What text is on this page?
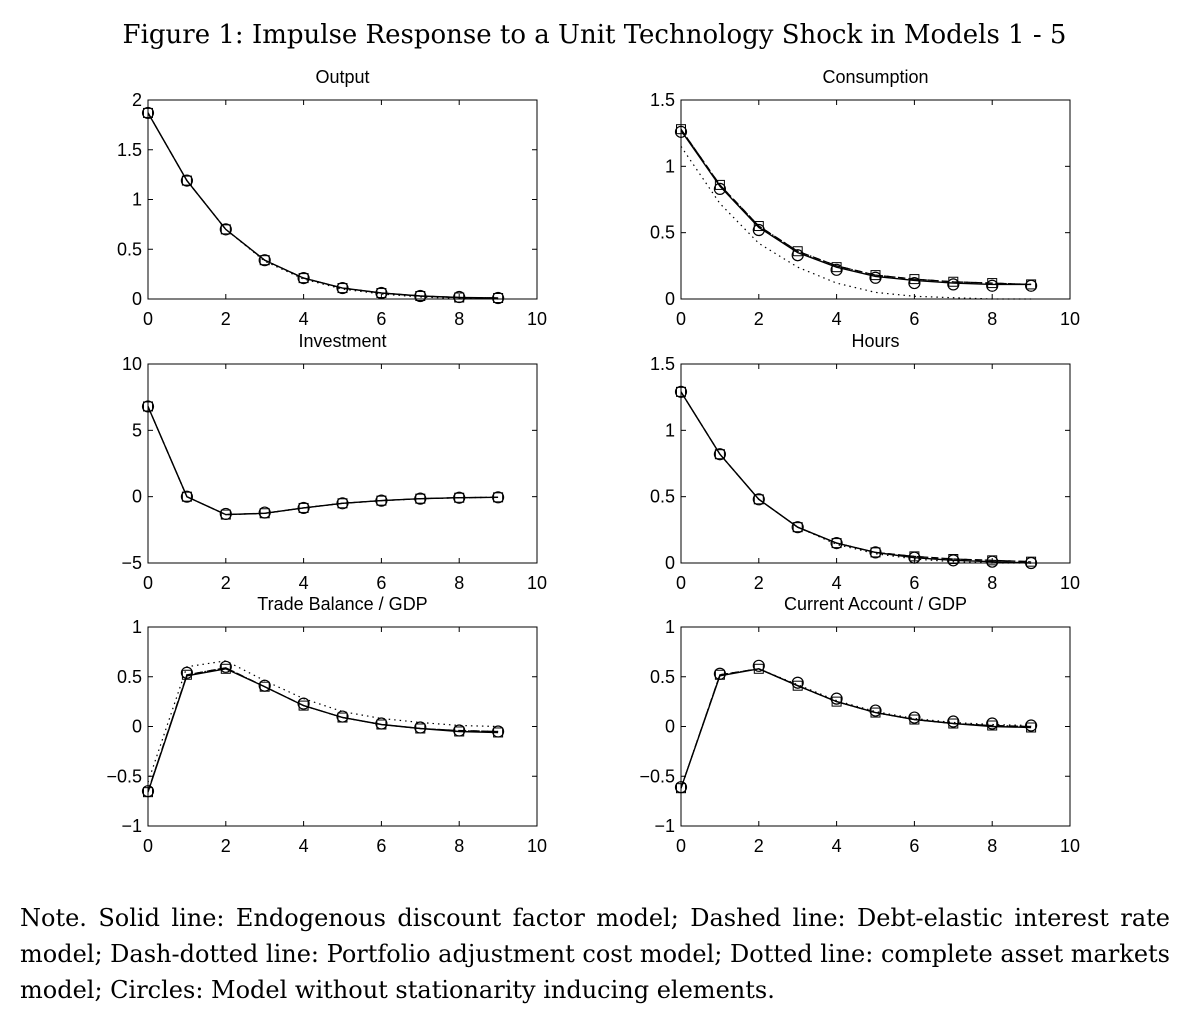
Figure 1: Impulse Response to a Unit Technology Shock in Models 1 - 5
Output
0	2	4	6	8	10
0
0.5
1
1.5
2
Consumption
0	2	4	6	8	10
0
0.5
1
1.5
Investment
0	2	4	6	8	10
−5
0
5
10
Hours
0	2	4	6	8	10
0
0.5
1
1.5
Trade Balance / GDP
0	2	4	6	8	10
−1
−0.5
0
0.5
1
Current Account / GDP
0	2	4	6	8	10
−1
−0.5
0
0.5
1
Note. Solid line: Endogenous discount factor model; Dashed line: Debt-elastic interest rate model; Dash-dotted line: Portfolio adjustment cost model; Dotted line: complete asset markets model; Circles: Model without stationarity inducing elements.
